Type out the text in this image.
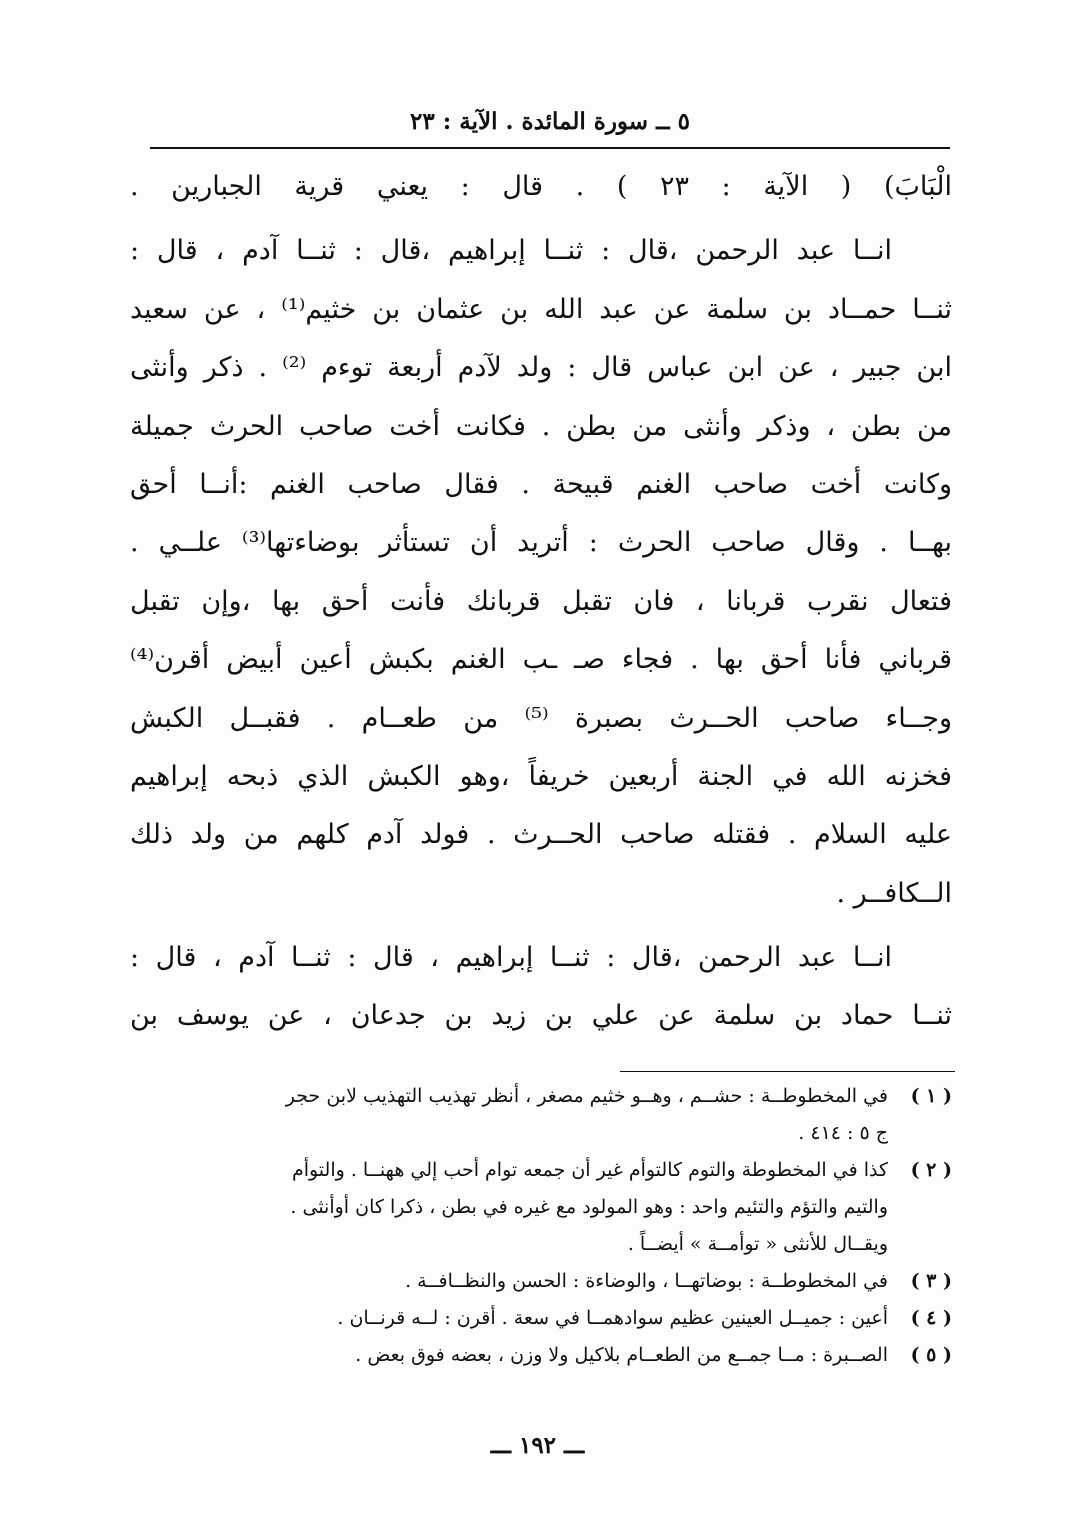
٥ ــ سورة المائدة . الآية : ٢٣
الْبَابَ) ( الآية : ٢٣ ) . قال : يعني قرية الجبارين .
انــا عبد الرحمن ،قال : ثنــا إبراهيم ،قال : ثنــا آدم ، قال :
ثنــا حمــاد بن سلمة عن عبد الله بن عثمان بن خثيم⁽¹⁾ ، عن سعيد
ابن جبير ، عن ابن عباس قال : ولد لآدم أربعة توءم ⁽²⁾ . ذكر وأنثى
من بطن ، وذكر وأنثى من بطن . فكانت أخت صاحب الحرث جميلة
وكانت أخت صاحب الغنم قبيحة . فقال صاحب الغنم :أنــا أحق
بهــا . وقال صاحب الحرث : أتريد أن تستأثر بوضاءتها⁽³⁾ علــي .
فتعال نقرب قربانا ، فان تقبل قربانك فأنت أحق بها ،وإن تقبل
قرباني فأنا أحق بها . فجاء صـ ـب الغنم بكبش أعين أبيض أقرن⁽⁴⁾
وجــاء صاحب الحــرث بصبرة ⁽⁵⁾ من طعــام . فقبــل الكبش
فخزنه الله في الجنة أربعين خريفاً ،وهو الكبش الذي ذبحه إبراهيم
عليه السلام . فقتله صاحب الحــرث . فولد آدم كلهم من ولد ذلك
الــكافــر .
انــا عبد الرحمن ،قال : ثنــا إبراهيم ، قال : ثنــا آدم ، قال :
ثنــا حماد بن سلمة عن علي بن زيد بن جدعان ، عن يوسف بن
( ١ )
في المخطوطــة : حشــم ، وهــو خثيم مصغر ، أنظر تهذيب التهذيب لابن حجر
ج ٥ : ٤١٤ .
( ٢ )
كذا في المخطوطة والتوم كالتوأم غير أن جمعه توام أحب إلي ههنــا . والتوأم
والتيم والتؤم والتئيم واحد : وهو المولود مع غيره في بطن ، ذكرا كان أوأنثى .
ويقــال للأنثى « توأمــة » أيضــاً .
( ٣ )
في المخطوطــة : بوضاتهــا ، والوضاءة : الحسن والنظــافــة .
( ٤ )
أعين : جميــل العينين عظيم سوادهمــا في سعة . أقرن : لــه قرنــان .
( ٥ )
الصــبرة : مــا جمــع من الطعــام بلاكيل ولا وزن ، بعضه فوق بعض .
ـــ ١٩٢ ـــ
